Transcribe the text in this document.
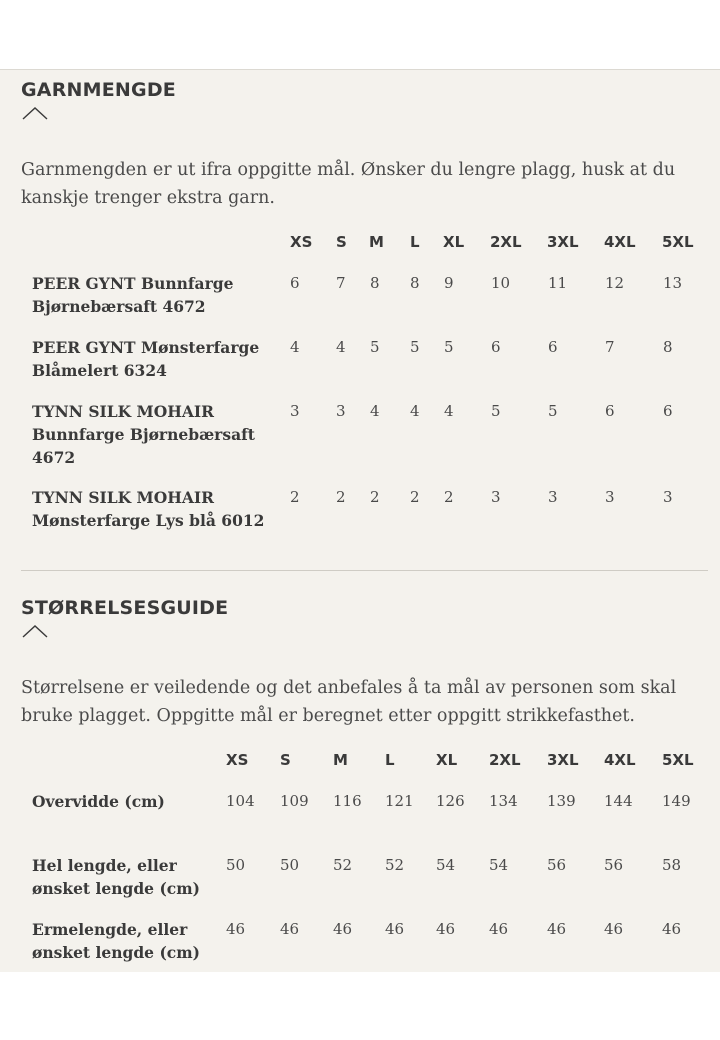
GARNMENGDE

Garnmengden er ut ifra oppgitte mål. Ønsker du lengre plagg, husk at du
kanskje trenger ekstra garn.

XS S M L XL 2XL 3XL 4XL 5XL
PEER GYNT Bunnfarge
Bjørnebærsaft 4672
6 7 8 8 9 10	11	12	13
PEER GYNT Mønsterfarge
Blåmelert 6324
4 4 5 5 5 6	6	7	8
TYNN SILK MOHAIR
Bunnfarge Bjørnebærsaft
4672
3 3 4 4 4 5	5	6	6
TYNN SILK MOHAIR
Mønsterfarge Lys blå 6012
2 2 2 2 2 3	3	3	3
STØRRELSESGUIDE

Størrelsene er veiledende og det anbefales å ta mål av personen som skal
bruke plagget. Oppgitte mål er beregnet etter oppgitt strikkefasthet.

XS S	M L	XL 2XL 3XL 4XL 5XL
Overvidde (cm)	104 109 116 121 126 134 139 144 149
Hel lengde, eller
ønsket lengde (cm)
50 50 52 52 54 54	56	56	58
Ermelengde, eller
ønsket lengde (cm)
46 46 46 46 46 46	46	46	46
